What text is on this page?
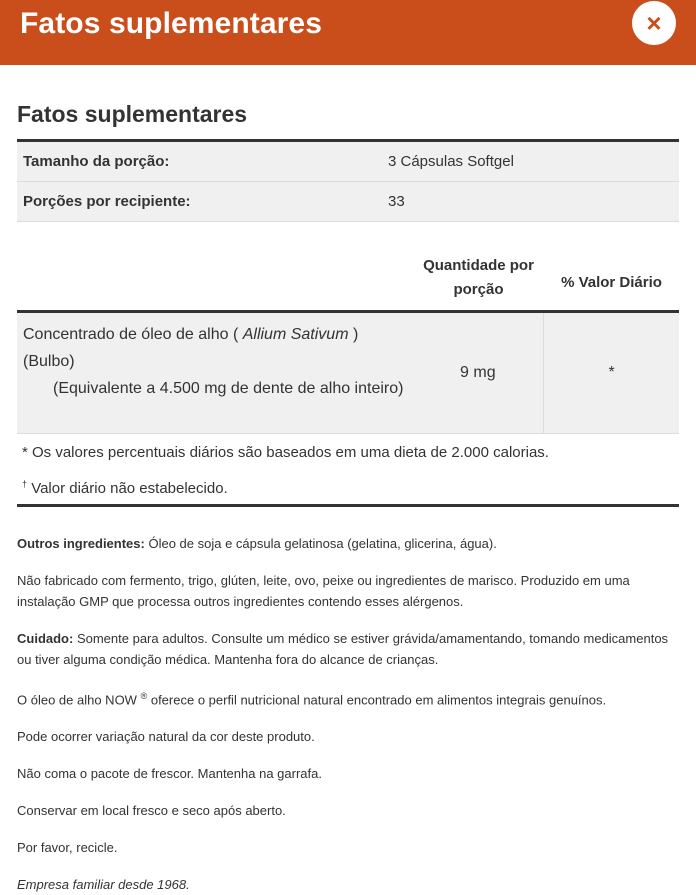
Fatos suplementares	×
Fatos suplementares
Tamanho da porção:	3 Cápsulas Softgel
Porções por recipiente:	33
Quantidade por porção	% Valor Diário
Concentrado de óleo de alho ( Allium Sativum )
(Bulbo)
(Equivalente a 4.500 mg de dente de alho inteiro)
9 mg	*
* Os valores percentuais diários são baseados em uma dieta de 2.000 calorias.
† Valor diário não estabelecido.

Outros ingredientes: Óleo de soja e cápsula gelatinosa (gelatina, glicerina, água).

Não fabricado com fermento, trigo, glúten, leite, ovo, peixe ou ingredientes de marisco. Produzido em uma instalação GMP que processa outros ingredientes contendo esses alérgenos.

Cuidado: Somente para adultos. Consulte um médico se estiver grávida/amamentando, tomando medicamentos ou tiver alguma condição médica. Mantenha fora do alcance de crianças.

O óleo de alho NOW ® oferece o perfil nutricional natural encontrado em alimentos integrais genuínos.

Pode ocorrer variação natural da cor deste produto.

Não coma o pacote de frescor. Mantenha na garrafa.

Conservar em local fresco e seco após aberto.

Por favor, recicle.

Empresa familiar desde 1968.
